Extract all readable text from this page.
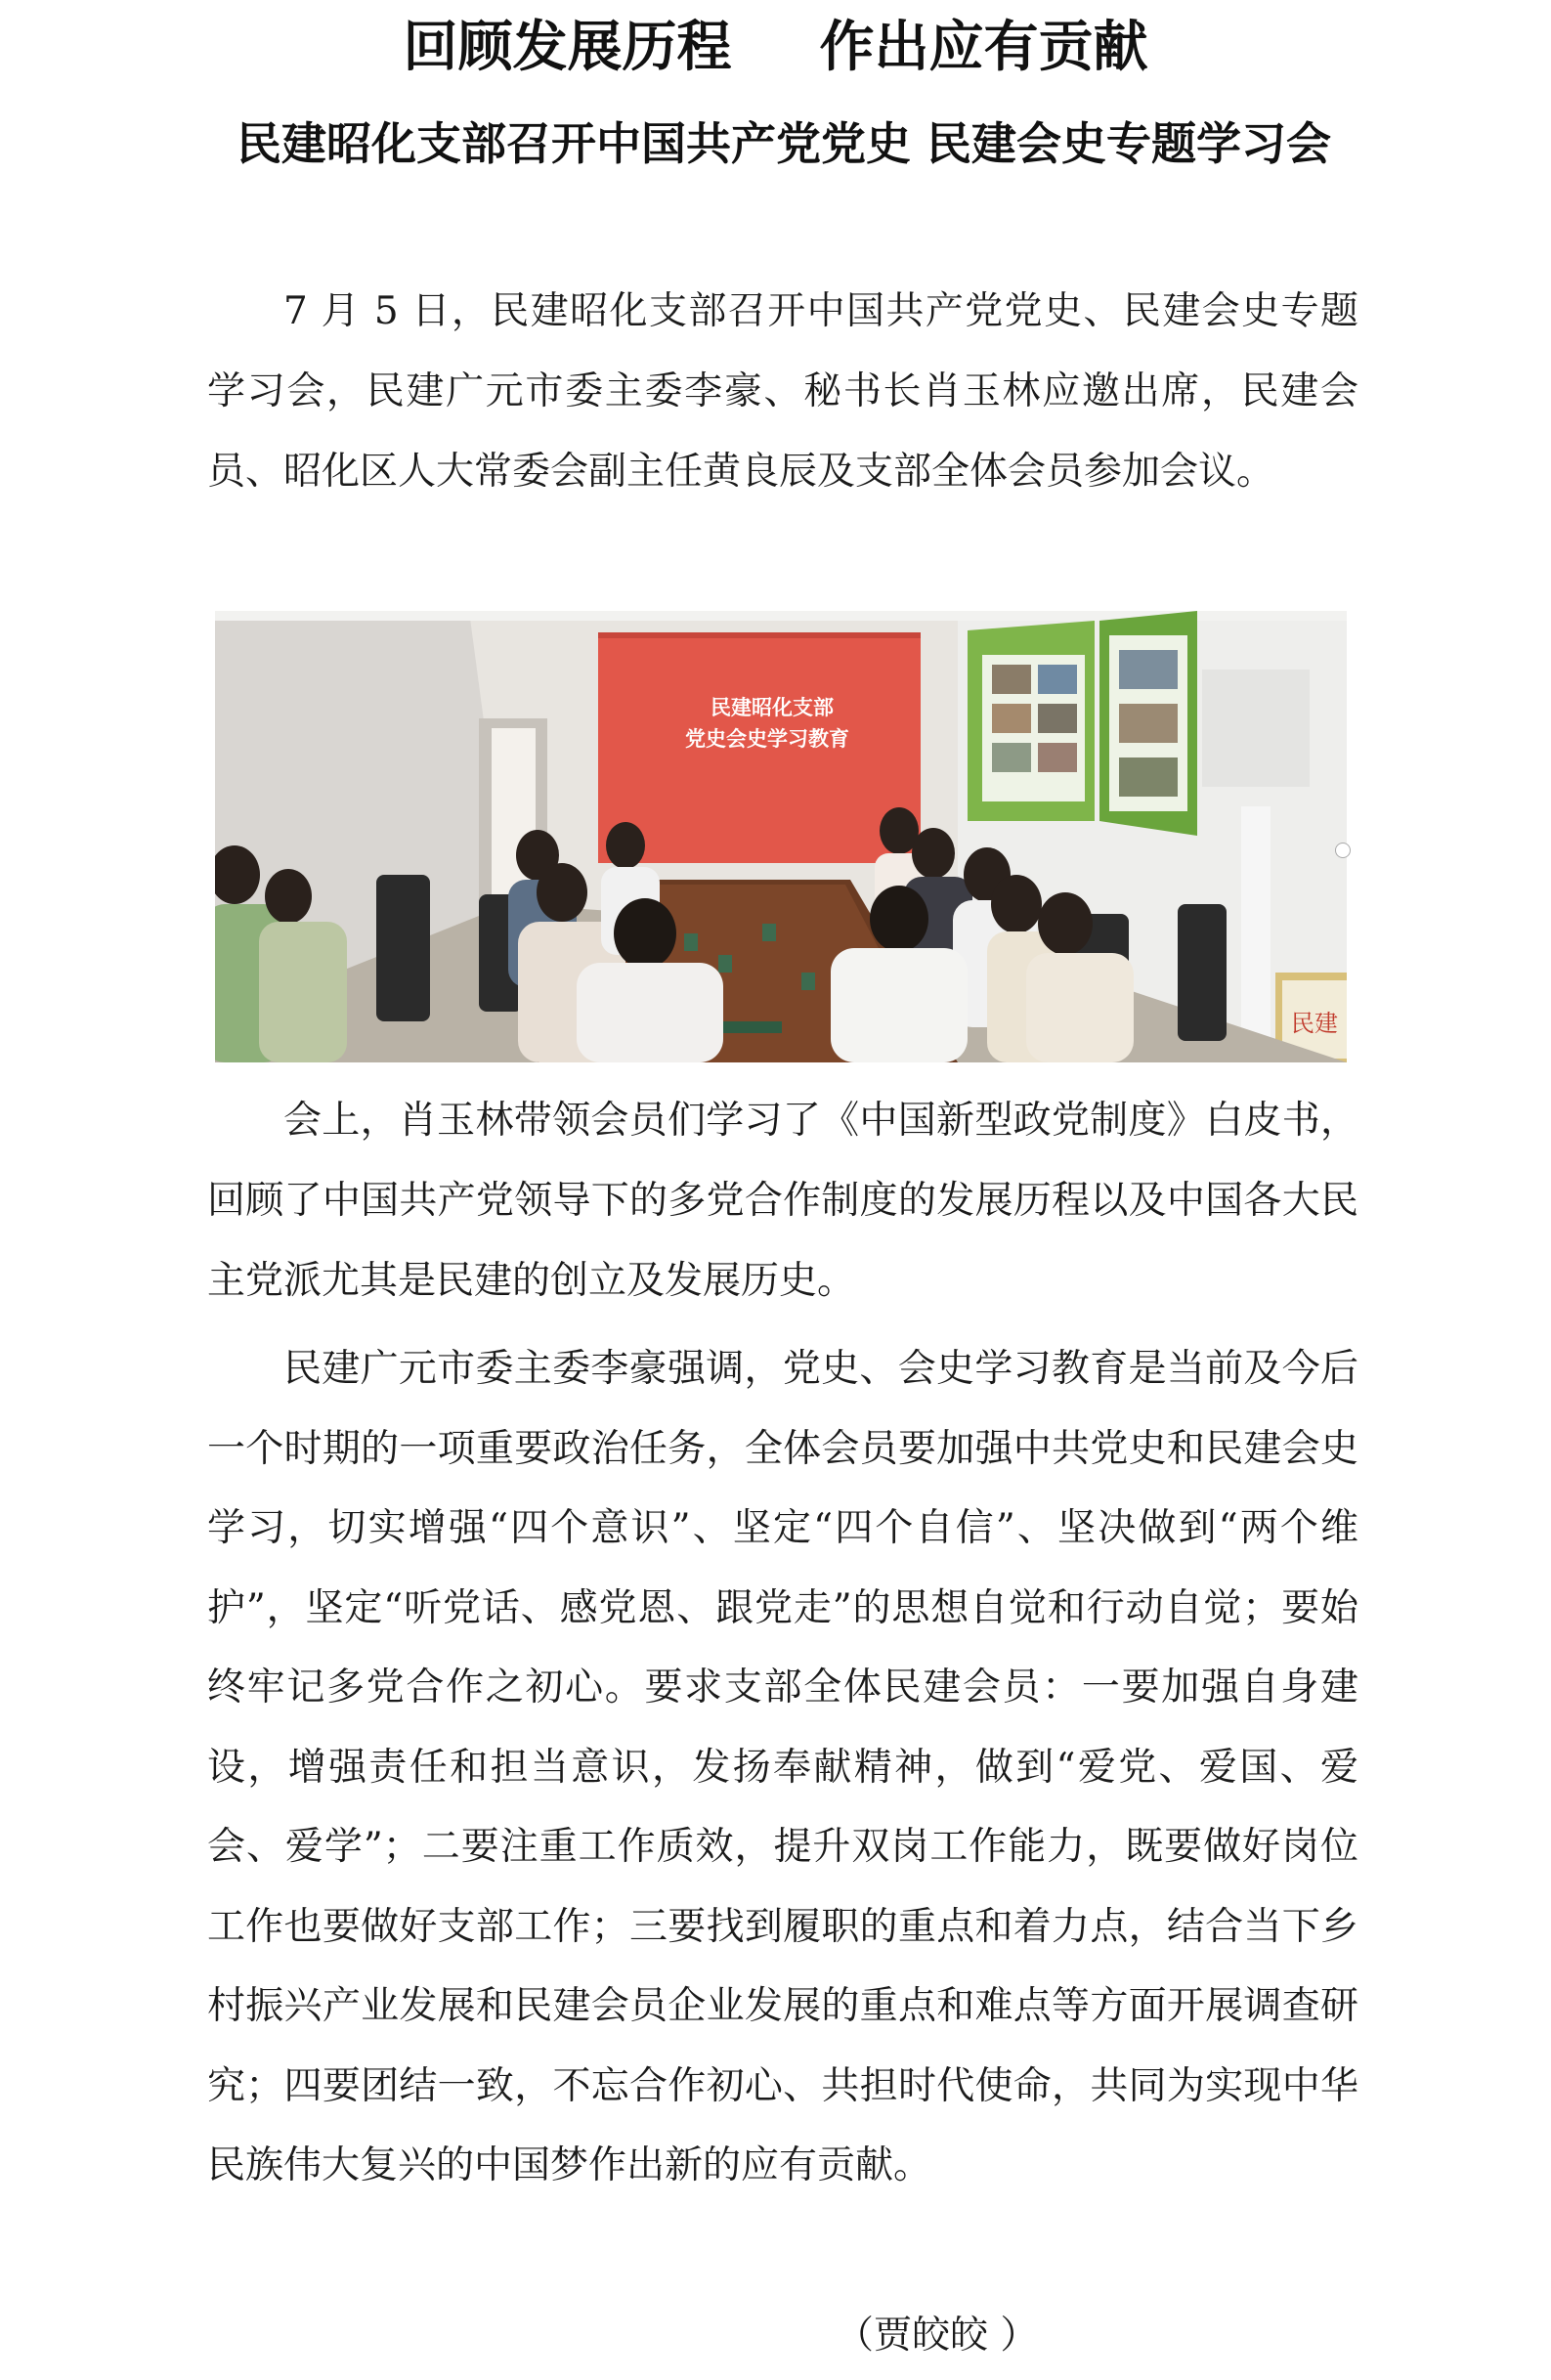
回顾发展历程 作出应有贡献
民建昭化支部召开中国共产党党史 民建会史专题学习会

7 月 5 日，民建昭化支部召开中国共产党党史、民建会史专题学习会，民建广元市委主委李豪、秘书长肖玉林应邀出席，民建会员、昭化区人大常委会副主任黄良辰及支部全体会员参加会议。

民建昭化支部
党史会史学习教育
民建

会上，肖玉林带领会员们学习了《中国新型政党制度》白皮书，回顾了中国共产党领导下的多党合作制度的发展历程以及中国各大民主党派尤其是民建的创立及发展历史。

民建广元市委主委李豪强调，党史、会史学习教育是当前及今后一个时期的一项重要政治任务，全体会员要加强中共党史和民建会史学习，切实增强“四个意识”、坚定“四个自信”、坚决做到“两个维护”，坚定“听党话、感党恩、跟党走”的思想自觉和行动自觉；要始终牢记多党合作之初心。要求支部全体民建会员：一要加强自身建设，增强责任和担当意识，发扬奉献精神，做到“爱党、爱国、爱会、爱学”；二要注重工作质效，提升双岗工作能力，既要做好岗位工作也要做好支部工作；三要找到履职的重点和着力点，结合当下乡村振兴产业发展和民建会员企业发展的重点和难点等方面开展调查研究；四要团结一致，不忘合作初心、共担时代使命，共同为实现中华民族伟大复兴的中国梦作出新的应有贡献。

（贾皎皎 ）
